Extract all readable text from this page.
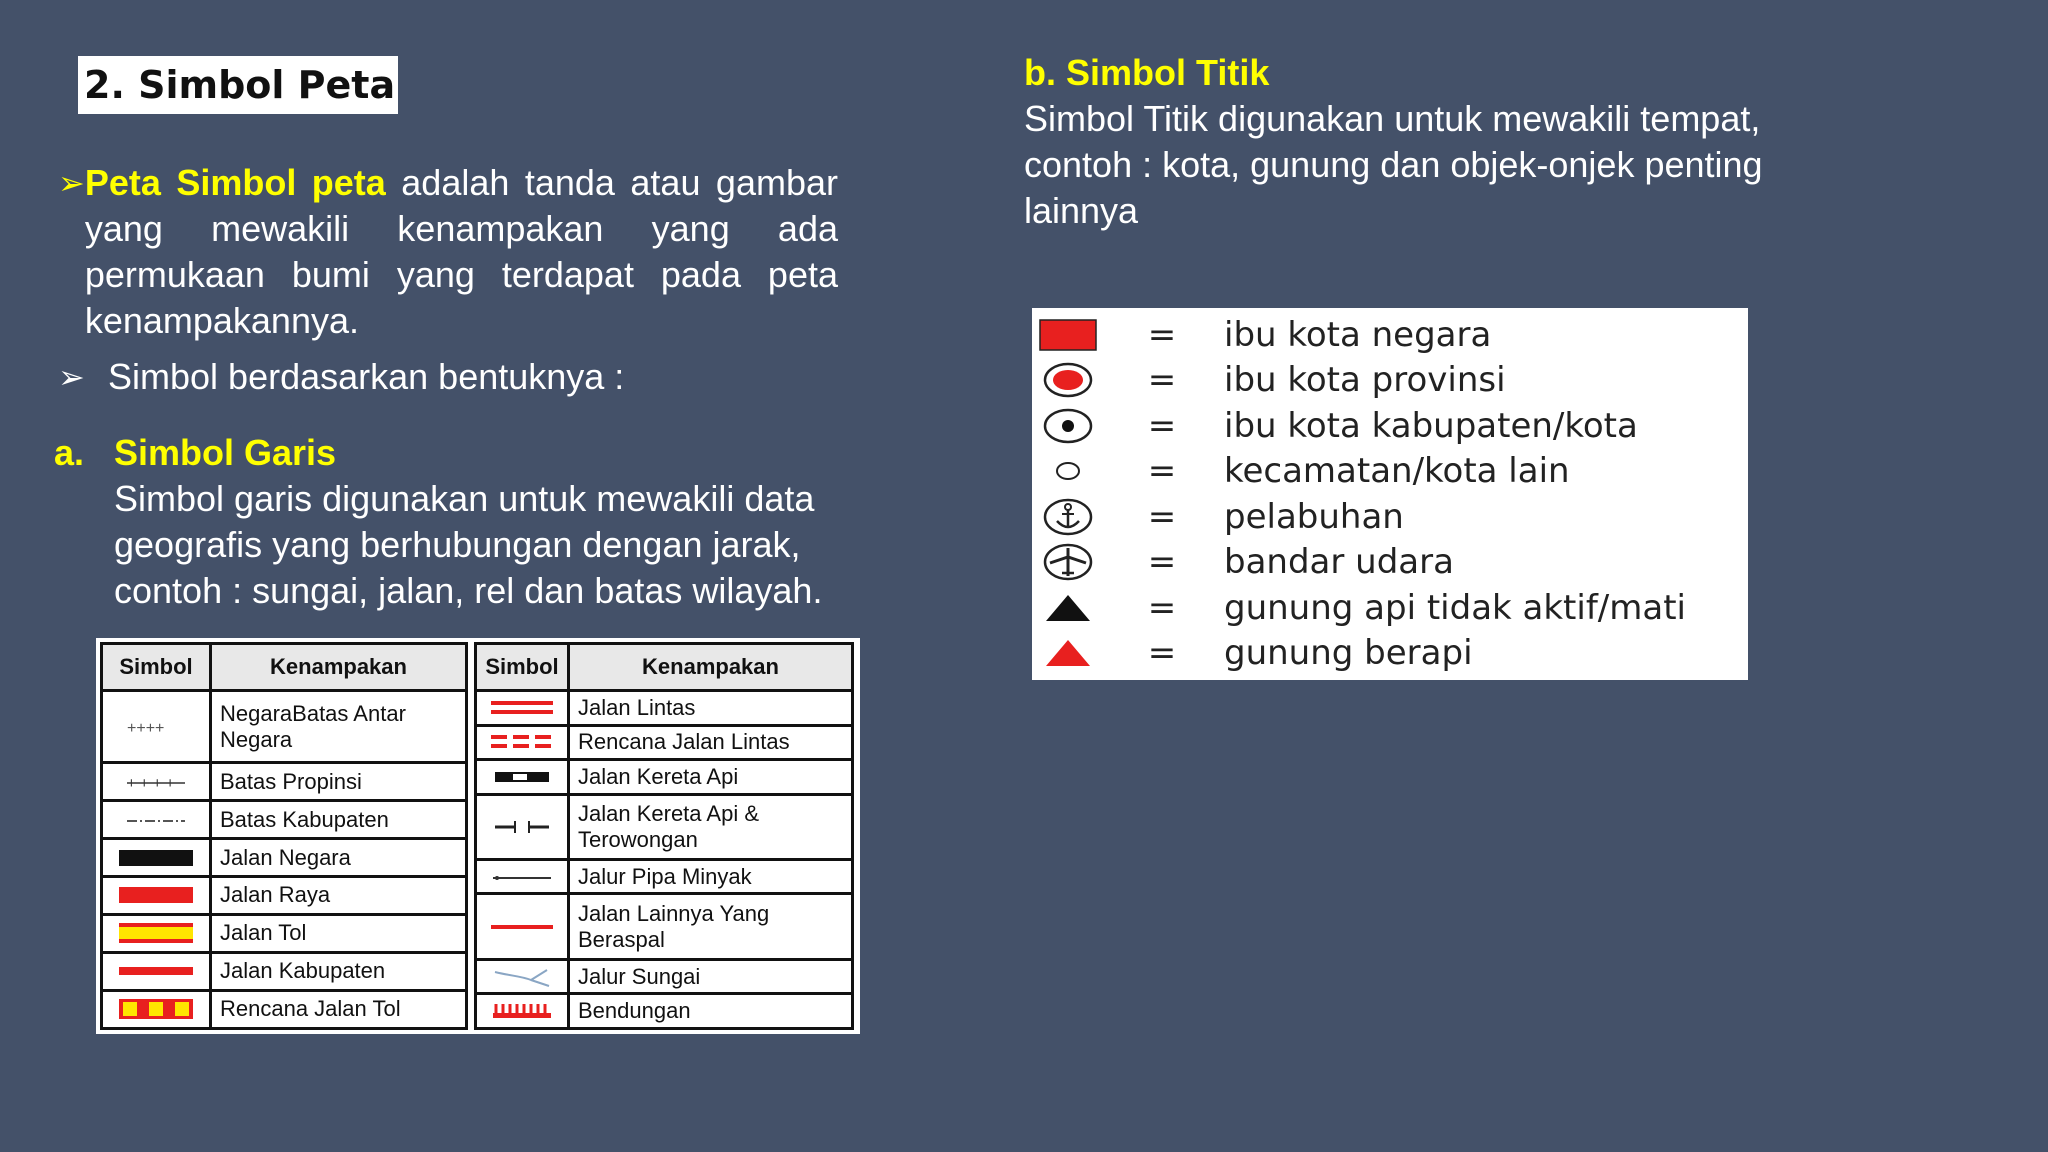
2. Simbol Peta
➢ Peta Simbol peta adalah tanda atau gambar yang mewakili kenampakan yang ada permukaan bumi yang terdapat pada peta kenampakannya.
➢ Simbol berdasarkan bentuknya :
a. Simbol Garis
Simbol garis digunakan untuk mewakili data geografis yang berhubungan dengan jarak, contoh : sungai, jalan, rel dan batas wilayah.
b. Simbol Titik
Simbol Titik digunakan untuk mewakili tempat, contoh : kota, gunung dan objek-onjek penting lainnya
Simbol	Kenampakan

++++	NegaraBatas Antar Negara

+ + + +	Batas Propinsi

	Batas Kabupaten

	Jalan Negara

	Jalan Raya

	Jalan Tol

	Jalan Kabupaten

	Rencana Jalan Tol
Simbol	Kenampakan

	Jalan Lintas

	Rencana Jalan Lintas

	Jalan Kereta Api

	Jalan Kereta Api & Terowongan

	Jalur Pipa Minyak

	Jalan Lainnya Yang Beraspal

	Jalur Sungai

	Bendungan
=	ibu kota negara
=	ibu kota provinsi
=	ibu kota kabupaten/kota
=	kecamatan/kota lain
=	pelabuhan
=	bandar udara
=	gunung api tidak aktif/mati
=	gunung berapi
